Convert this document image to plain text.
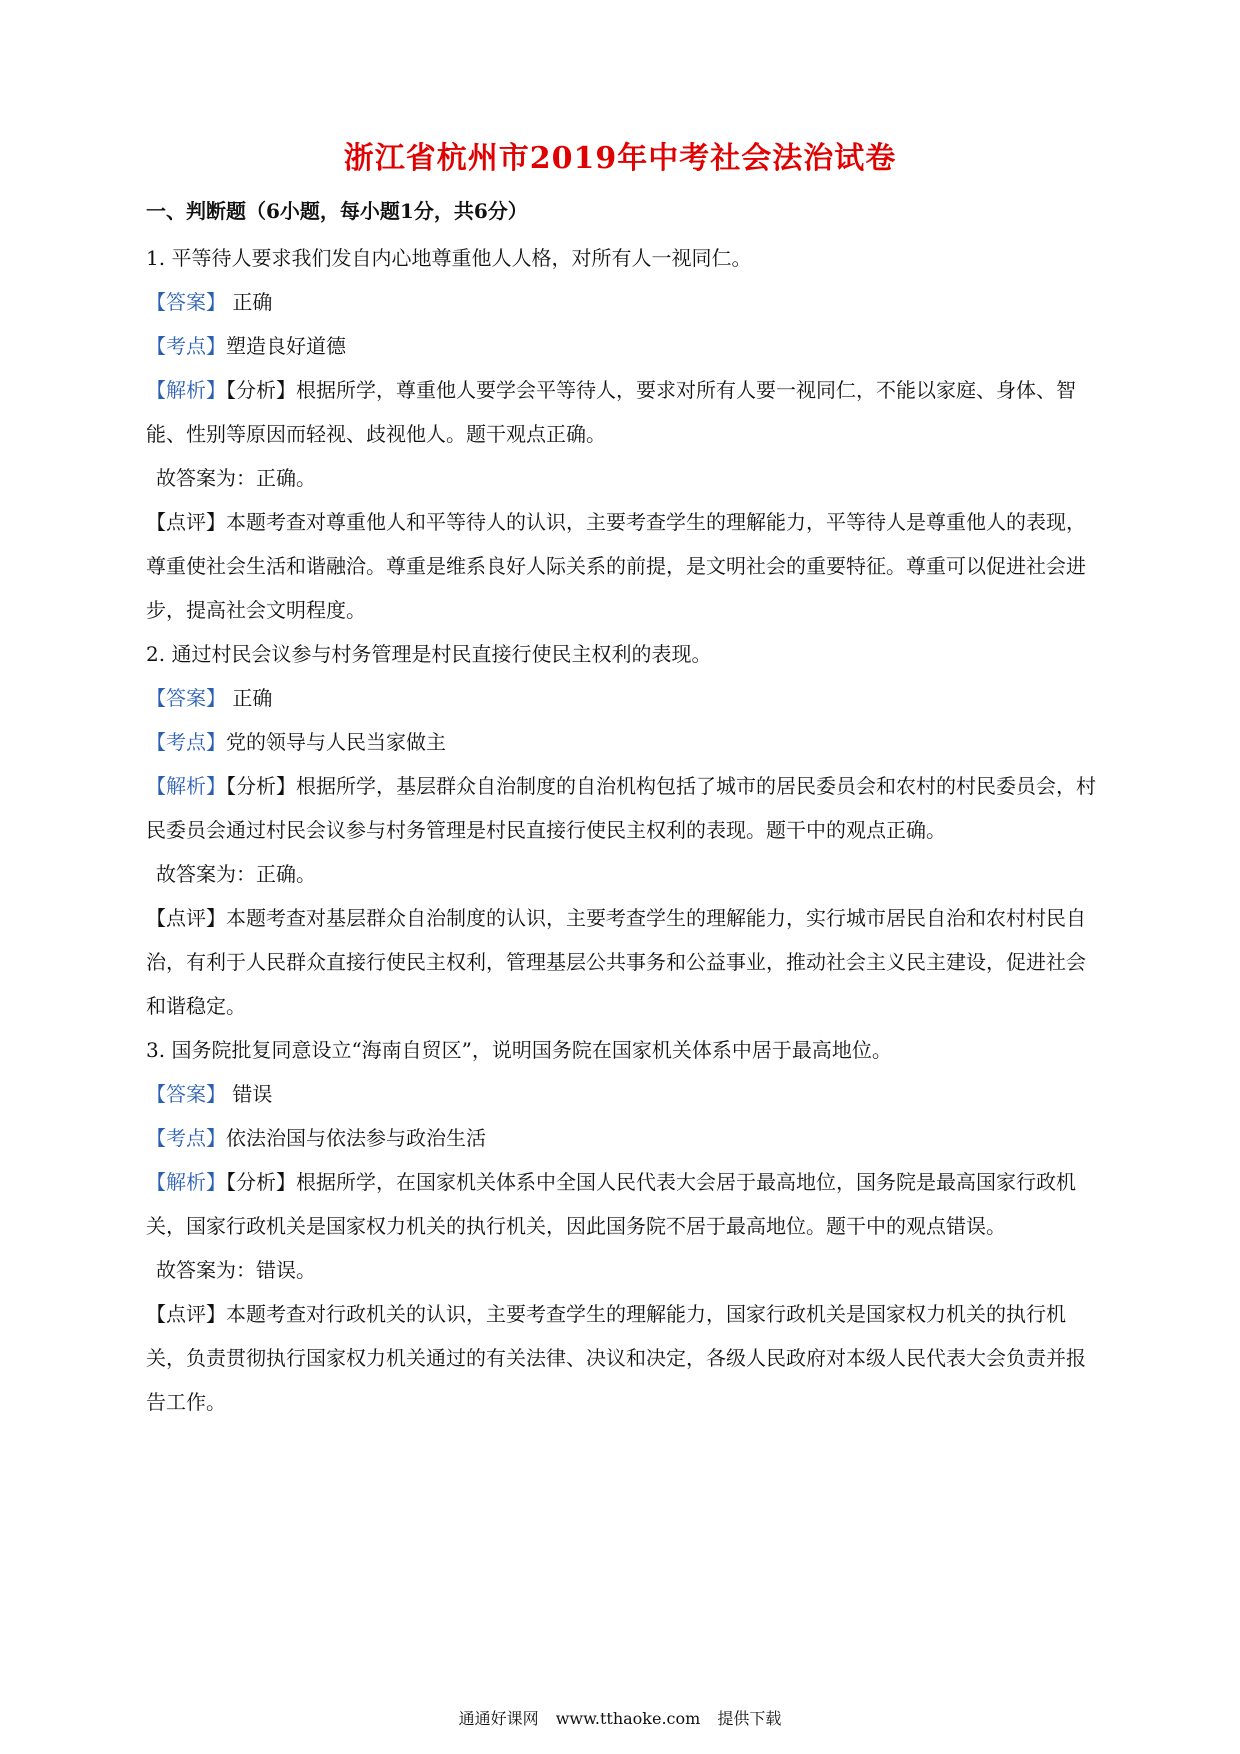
浙江省杭州市2019年中考社会法治试卷
一、判断题（6小题，每小题1分，共6分）

1. 平等待人要求我们发自内心地尊重他人人格，对所有人一视同仁。

【答案】 正确

【考点】塑造良好道德

【解析】【分析】根据所学，尊重他人要学会平等待人，要求对所有人要一视同仁，不能以家庭、身体、智能、性别等原因而轻视、歧视他人。题干观点正确。

故答案为：正确。

【点评】本题考查对尊重他人和平等待人的认识，主要考查学生的理解能力，平等待人是尊重他人的表现，尊重使社会生活和谐融洽。尊重是维系良好人际关系的前提，是文明社会的重要特征。尊重可以促进社会进步，提高社会文明程度。

2. 通过村民会议参与村务管理是村民直接行使民主权利的表现。

【答案】 正确

【考点】党的领导与人民当家做主

【解析】【分析】根据所学，基层群众自治制度的自治机构包括了城市的居民委员会和农村的村民委员会，村民委员会通过村民会议参与村务管理是村民直接行使民主权利的表现。题干中的观点正确。

故答案为：正确。

【点评】本题考查对基层群众自治制度的认识，主要考查学生的理解能力，实行城市居民自治和农村村民自治，有利于人民群众直接行使民主权利，管理基层公共事务和公益事业，推动社会主义民主建设，促进社会和谐稳定。

3. 国务院批复同意设立“海南自贸区”，说明国务院在国家机关体系中居于最高地位。

【答案】 错误

【考点】依法治国与依法参与政治生活

【解析】【分析】根据所学，在国家机关体系中全国人民代表大会居于最高地位，国务院是最高国家行政机关，国家行政机关是国家权力机关的执行机关，因此国务院不居于最高地位。题干中的观点错误。

故答案为：错误。

【点评】本题考查对行政机关的认识，主要考查学生的理解能力，国家行政机关是国家权力机关的执行机关，负责贯彻执行国家权力机关通过的有关法律、决议和决定，各级人民政府对本级人民代表大会负责并报告工作。

通通好课网 www.tthaoke.com 提供下载
